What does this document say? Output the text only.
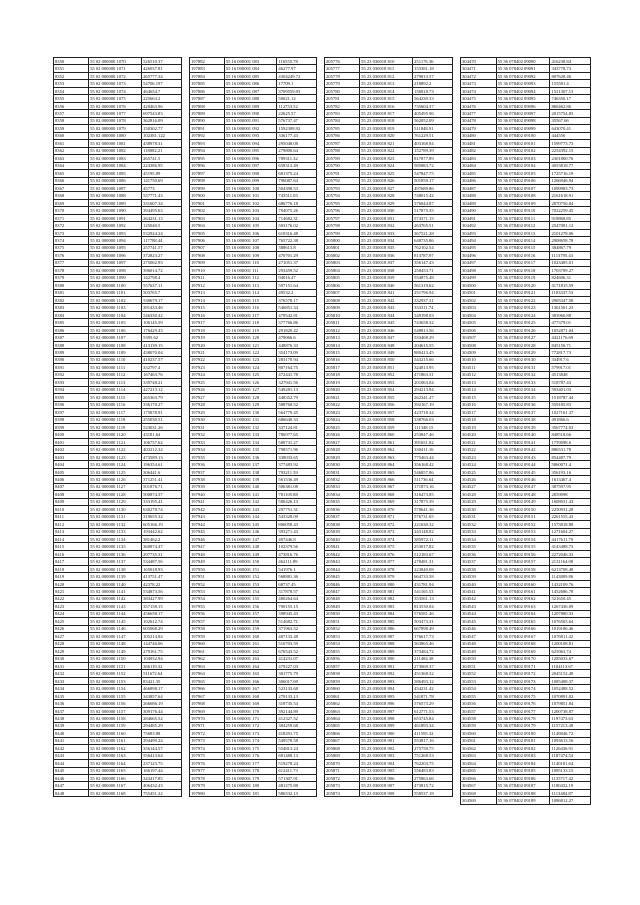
8350	55 02 000000 1070	526510.37
8351	55 02 000000 1071	426037.81
8352	55 02 000000 1072	265777.34
8353	55 02 000000 1073	54706.197
8354	55 02 000000 1074	464654.7
8355	55 02 000000 1075	225663.2
8356	55 02 000000 1076	420463.96
8357	55 02 000000 1077	697543.83
8358	55 02 000000 1078	362816.09
8359	55 02 000000 1079	150302.77
8360	55 02 000000 1080	102381.122
8361	55 02 000000 1081	438978.31
8362	55 02 000000 1082	118082.21
8363	55 02 000000 1083	265741.5
8364	55 02 000000 1084	224386.95
8365	55 02 000000 1085	45195.09
8366	55 02 000000 1086	141750.69
8367	55 02 000000 1087	45773
8368	55 02 000000 1088	557771.43
8369	55 02 000000 1089	331607.34
8370	55 02 000000 1090	394495.63
8371	55 02 000000 1091	264231.13
8372	55 02 000000 1092	125040.5
8373	55 02 000000 1093	532924.24
8374	55 02 000000 1094	117788.44
8375	55 02 000000 1095	257741.57
8376	55 02 000000 1096	372823.27
8377	55 02 000000 1097	275062.93
8378	55 02 000000 1098	396014.72
8379	55 02 000000 1099	142798.4
8380	55 02 000000 1100	557637.11
8381	55 02 000000 1101	503765.7
8382	55 02 000000 1102	530679.17
8383	55 02 000000 1103	391433.46
8384	55 02 000000 1104	546330.42
8385	55 02 000000 1105	106145.59
8386	55 02 000000 1106	176429.43
8387	55 02 000000 1107	5395.62
8388	55 02 000000 1108	413139.15
8389	55 02 000000 1109	438070.04
8390	55 02 000000 1110	410237.57
8391	55 02 000000 1111	332797.4
8392	55 02 000000 1112	167463.76
8393	55 02 000000 1113	339748.21
8394	55 02 000000 1114	427213.12
8395	55 02 000000 1115	265363.79
8396	55 02 000000 1116	336170.27
8397	55 02 000000 1117	175878.91
8398	55 02 000000 1118	255030.51
8399	55 02 000000 1119	523031.26
8400	55 02 000000 1120	43181.64
8401	55 02 000000 1121	106757.62
8402	55 02 000000 1122	403212.32
8403	55 02 000000 1123	473589.13
8404	55 02 000000 1124	196354.61
8405	55 02 000000 1125	306441.6
8406	55 02 000000 1126	371251.41
8407	55 02 000000 1127	501876.71
8408	55 02 000000 1128	500874.37
8409	55 02 000000 1129	333195.41
8410	55 02 000000 1130	630278.74
8411	55 02 000000 1131	319655.32
8412	55 02 000000 1132	605166.19
8413	55 02 000000 1133	193442.62
8414	55 02 000000 1134	381462.2
8415	55 02 000000 1135	368874.47
8416	55 02 000000 1136	297735.31
8417	55 02 000000 1137	534487.56
8418	55 02 000000 1138	165018.93
8419	55 02 000000 1139	413751.47
8420	55 02 000000 1140	42378.22
8421	55 02 000000 1141	534873.56
8422	55 02 000000 1142	383427.99
8423	55 02 000000 1143	357158.15
8424	55 02 000000 1144	456658.17
8425	55 02 000000 1145	102612.74
8426	55 02 000000 1146	605068.29
8427	55 02 000000 1147	105214.84
8428	55 02 000000 1148	144746.06
8429	55 02 000000 1149	279161.75
8430	55 02 000000 1150	104932.94
8431	55 02 000000 1151	366119.32
8432	55 02 000000 1152	511672.64
8433	55 02 000000 1153	83421.35
8434	55 02 000000 1154	466898.17
8435	55 02 000000 1155	343857.64
8436	55 02 000000 1156	266686.19
8437	55 02 000000 1157	309176.44
8438	55 02 000000 1158	284665.52
8439	55 02 000000 1159	294485.29
8440	55 02 000000 1160	75683.88
8441	55 02 000000 1161	294499.24
8442	55 02 000000 1162	356144.57
8443	55 02 000000 1163	556413.64
8444	55 02 000000 1164	237123.75
8445	55 02 000000 1165	166197.44
8446	55 02 000000 1166	343417.85
8447	55 02 000000 1167	406432.43
8448	55 02 000000 1168	755451.22
197882	55 16 000001 083	116555.78
197883	55 16 000001 084	46277.97
197884	55 16 000001 085	4304249.72
197885	55 16 000001 086	17709.1
197886	55 16 000001 087	3709559.93
197887	55 16 000001 088	50021.12
197888	55 16 000001 089	112753.52
197889	55 16 000001 090	22625.57
197890	55 16 000001 091	576737.47
197891	55 16 000001 092	1592308.92
197892	55 16 000001 093	336177.43
197893	55 16 000001 094	295048.08
197894	55 16 000001 095	279800.64
197895	55 16 000001 096	789311.32
197896	55 16 000001 097	658313.49
197897	55 16 000001 098	681375.24
197898	55 16 000001 099	796087.64
197899	55 16 000001 100	504398.53
197900	55 16 000001 101	743511.05
197901	55 16 000001 102	686776.18
197902	55 16 000001 103	794075.26
197903	55 16 000001 104	714682.31
197904	55 16 000001 105	503176.02
197905	55 16 000001 106	610316.48
197906	55 16 000001 107	765722.38
197907	55 16 000001 108	388613.8
197908	55 16 000001 109	470701.29
197909	55 16 000001 110	271051.37
197910	55 16 000001 111	293459.52
197911	55 16 000001 112	94016.47
197912	55 16 000001 113	597151.64
197913	55 16 000001 114	49532.2
197914	55 16 000001 115	376578.17
197915	55 16 000001 116	546851.34
197916	55 16 000001 117	479542.81
197917	55 16 000001 118	377766.86
197918	55 16 000001 119	291820.42
197919	55 16 000001 120	479066.6
197920	55 16 000001 121	448876.33
197921	55 16 000001 122	354173.09
197922	55 16 000001 123	283170.94
197923	55 16 000001 124	807164.75
197924	55 16 000001 125	472441.78
197925	55 16 000001 126	327941.56
197926	55 16 000001 127	549281.13
197927	55 16 000001 128	448352.79
197928	55 16 000001 129	588760.52
197929	55 16 000001 130	564779.45
197930	55 16 000001 131	686640.33
197931	55 16 000001 132	337124.81
197932	55 16 000001 133	786977.65
197933	55 16 000001 134	580731.27
197934	55 16 000001 135	798571.96
197935	55 16 000001 136	338033.65
197936	55 16 000001 137	377483.92
197937	55 16 000001 138	793211.59
197938	55 16 000001 139	561536.49
197939	55 16 000001 140	506381.08
197940	55 16 000001 141	781105.88
197941	55 16 000001 142	580426.13
197942	55 16 000001 143	297751.31
197943	55 16 000001 144	543328.09
197944	55 16 000001 145	806058.43
197945	55 16 000001 146	393271.43
197946	55 16 000001 147	497446.8
197947	55 16 000001 148	102379.56
197948	55 16 000001 149	473816.76
197949	55 16 000001 150	462111.89
197950	55 16 000001 151	541976.1
197951	55 16 000001 152	568881.36
197952	55 16 000001 153	68737.45
197953	55 16 000001 154	317878.57
197954	55 16 000001 155	480264.64
197955	55 16 000001 156	790155.15
197956	55 16 000001 157	398945.43
197957	55 16 000001 158	514682.71
197958	55 16 000001 159	371963.52
197959	55 16 000001 160	487133.48
197960	55 16 000001 161	516703.59
197961	55 16 000001 162	676543.52
197962	55 16 000001 163	414231.07
197963	55 16 000001 164	479227.03
197964	55 16 000001 165	301775.79
197965	55 16 000001 166	306017.69
197966	55 16 000001 167	523133.68
197967	55 16 000001 168	279133.13
197968	55 16 000001 169	318735.54
197969	55 16 000001 170	392144.89
197970	55 16 000001 171	412327.52
197971	55 16 000001 172	384259.68
197972	55 16 000001 173	418291.75
197973	55 16 000001 174	549578.58
197974	55 16 000001 175	554813.24
197975	55 16 000001 176	681480.13
197976	55 16 000001 177	519278.24
197977	55 16 000001 178	612411.73
197978	55 16 000001 179	571307.91
197979	55 16 000001 180	481275.88
197980	55 16 000001 181	586532.13
205776	55 23 030018 810	251176.36
205777	55 23 030018 811	153381.18
205778	55 23 030018 812	279813.57
205779	55 23 030018 813	218892.2
205780	55 23 030018 814	156818.73
205781	55 23 030018 815	564239.33
205782	55 23 030018 816	735604.37
205783	55 23 030018 817	405495.96
205784	55 23 030018 818	562052.09
205785	55 23 030018 819	511848.91
205786	55 23 030018 820	761229.51
205787	55 23 030018 821	403168.84
205788	55 23 030018 822	152789.39
205789	55 23 030018 823	817877.89
205790	55 23 030018 824	585883.72
205791	55 23 030018 825	547847.75
205792	55 23 030018 826	501859.17
205793	55 23 030018 827	497689.86
205794	55 23 030018 828	748015.42
205795	55 23 030018 829	576844.87
205796	55 23 030018 830	517875.35
205797	55 23 030018 831	574371.15
205798	55 23 030018 832	263765.51
205799	55 23 030018 833	367521.28
205800	55 23 030018 834	648735.86
205801	55 23 030018 835	762102.54
205802	55 23 030018 836	813787.97
205803	55 23 030018 837	356147.43
205804	55 23 030018 838	258453.71
205805	55 23 030018 839	554875.48
205806	55 23 030018 840	561319.62
205807	55 23 030018 841	251796.94
205808	55 23 030018 842	332937.31
205809	55 23 030018 843	333311.74
205810	55 23 030018 844	549198.03
205811	55 23 030018 845	743658.32
205812	55 23 030018 846	548813.56
205813	55 23 030018 847	533468.29
205814	55 23 030018 848	204615.55
205815	55 23 030018 849	880413.45
205816	55 23 030018 850	543215.66
205817	55 23 030018 851	324813.95
205818	55 23 030018 852	471863.31
205819	55 23 030018 853	201063.04
205820	55 23 030018 854	294213.94
205821	55 23 030018 855	262341.47
205822	55 23 030018 856	392167.19
205823	55 23 030018 857	423718.34
205824	55 23 030018 858	338766.03
205825	55 23 030018 859	111348.15
205826	55 23 030018 860	253847.46
205827	55 23 030018 861	391651.82
205828	55 23 030018 862	330411.16
205829	55 23 030018 863	775463.44
205830	55 23 030018 864	356168.42
205831	55 23 030018 865	546857.86
205832	55 23 030018 866	511736.64
205833	55 23 030018 867	171873.16
205834	55 23 030018 868	316473.85
205835	55 23 030018 869	317875.39
205836	55 23 030018 870	578641.36
205837	55 23 030018 871	576731.65
205838	55 23 030018 872	221630.32
205839	55 23 030018 873	243148.82
205840	55 23 030018 874	385972.11
205841	55 23 030018 875	253017.82
205842	55 23 030018 876	512183.67
205843	55 23 030018 877	278481.31
205844	55 23 030018 878	223840.08
205845	55 23 030018 879	664733.58
205846	55 23 030018 880	431781.94
205847	55 23 030018 881	541165.53
205848	55 23 030018 882	353561.13
205849	55 23 030018 883	813530.04
205850	55 23 030018 884	576581.46
205851	55 23 030018 885	503473.31
205852	55 23 030018 886	667898.49
205853	55 23 030018 887	176617.73
205854	55 23 030018 888	563865.46
205855	55 23 030018 889	373484.72
205856	55 23 030018 890	211484.38
205857	55 23 030018 891	273069.37
205858	55 23 030018 892	451368.32
205859	55 23 030018 893	586493.12
205860	55 23 030018 894	454231.42
205861	55 23 030018 895	541871.78
205862	55 23 030018 896	576573.29
205863	55 23 030018 897	612771.53
205864	55 23 030018 898	653745.84
205865	55 23 030018 899	461893.34
205866	55 23 030018 900	411595.32
205867	55 23 030018 901	553817.16
205868	55 23 030018 902	275759.75
205869	55 23 030018 903	751268.53
205870	55 23 030018 904	762203.75
205871	55 23 030018 905	556483.83
205872	55 23 030018 906	275863.66
205873	55 23 030018 907	473815.72
205874	55 23 030018 908	558537.18
304470	55 36 078402 09090	416238.84
304471	55 36 078402 09091	343778.73
304472	55 36 078402 09092	807628.46
304473	55 36 078402 09093	155581.4
304474	55 36 078402 09094	1521307.13
304475	55 36 078402 09095	746350.17
304476	55 36 078402 09096	860462.86
304477	55 36 078402 09097	2015754.83
304478	55 36 078402 09098	35567.66
304479	55 36 078402 09099	643070.41
304480	55 36 078402 09100	444556
304481	55 36 078402 09101	1599773.73
304482	55 36 078402 09102	2254392.15
304483	55 36 078402 09103	2301800.76
304484	55 36 078402 09104	4053818.77
304485	55 36 078402 09105	1725716.19
304486	55 36 078402 09106	1266946.94
304487	55 36 078402 09107	1099983.73
304488	55 36 078402 09108	2161618.91
304489	55 36 078402 09109	2870756.84
304490	55 36 078402 09110	7022259.45
304491	55 36 078402 09111	918868.85
304492	55 36 078402 09112	2547081.12
304493	55 36 078402 09113	2101278.06
304494	55 36 078402 09114	2908658.78
304495	55 36 078402 09115	384867.79
304496	55 36 078402 09116	1113795.43
304497	55 36 078402 09117	1023485.01
304498	55 36 078402 09118	1703789.27
304499	55 36 078402 09119	824606.31
304500	55 36 078402 09120	4171815.59
304501	55 36 078402 09121	1103337.53
304502	55 36 078402 09122	2905347.58
304503	55 36 078402 09123	1361561.23
304504	55 36 078402 09124	383960.88
304505	55 36 078402 09125	477379.01
304506	55 36 078402 09126	1052871.04
304507	55 36 078402 09127	4421176.69
304508	55 36 078402 09128	845156.71
304509	55 36 078402 09129	772817.73
304510	55 36 078402 09130	334917.6
304511	55 36 078402 09131	579917.01
304512	55 36 078402 09132	4513848
304513	55 36 078402 09133	518787.43
304514	55 36 078402 09134	593401.03
304515	55 36 078402 09135	1518787.44
304516	55 36 078402 09136	559185.83
304517	55 36 078402 09137	1027161.37
304518	55 36 078402 09138	491866.6
304519	55 36 078402 09139	3567774.03
304520	55 36 078402 09140	848518.66
304521	55 36 078402 09141	1759098.6
304522	55 36 078402 09142	886531.78
304523	55 36 078402 09143	854487.79
304524	55 36 078402 09144	5860071.4
304525	55 36 078402 09145	356193.16
304526	55 36 078402 09146	1613467.4
304527	55 36 078402 09147	387597.95
304528	55 36 078402 09148	2859098
304529	55 36 078402 09149	1608031.43
304530	55 36 078402 09150	2250931.28
304531	55 36 078402 09151	2261555.43
304532	55 36 078402 09152	1573818.88
304533	55 36 078402 09153	1271604.27
304534	55 36 078402 09154	4417611.79
304535	55 36 078402 09155	4143488.73
304536	55 36 078402 09156	2272046.33
304537	55 36 078402 09157	2131164.08
304538	55 36 078402 09158	6213708.48
304539	55 36 078402 09159	1143809.86
304540	55 36 078402 09160	1432109.76
304541	55 36 078402 09161	1452686.78
304542	55 36 078402 09162	521650.45
304543	55 36 078402 09163	1267436.09
304544	55 36 078402 09164	1207880.33
304545	55 36 078402 09165	1076503.64
304546	55 36 078402 09166	1019186.46
304547	55 36 078402 09167	1076811.42
304548	55 36 078402 09168	1200108.81
304549	55 36 078402 09169	625963.74
304550	55 36 078402 09170	1285033.67
304551	55 36 078402 09171	1104113.67
304552	55 36 078402 09172	2045152.48
304553	55 36 078402 09173	1085408.37
304554	55 36 078402 09174	1052488.52
304555	55 36 078402 09175	1070891.02
304556	55 36 078402 09176	1079851.84
304557	55 36 078402 09177	1200738.87
304558	55 36 078402 09178	1197473.63
304559	55 36 078402 09179	1157213.48
304560	55 36 078402 09180	1149846.72
304561	55 36 078402 09181	1093613.16
304562	55 36 078402 09182	1126436.91
304563	55 36 078402 09183	1187474.54
304564	55 36 078402 09184	1140181.64
304565	55 36 078402 09185	1085133.15
304566	55 36 078402 09186	1135717.42
304567	55 36 078402 09187	1180432.19
304568	55 36 078402 09188	1113484.87
304569	55 36 078402 09189	1086812.27
